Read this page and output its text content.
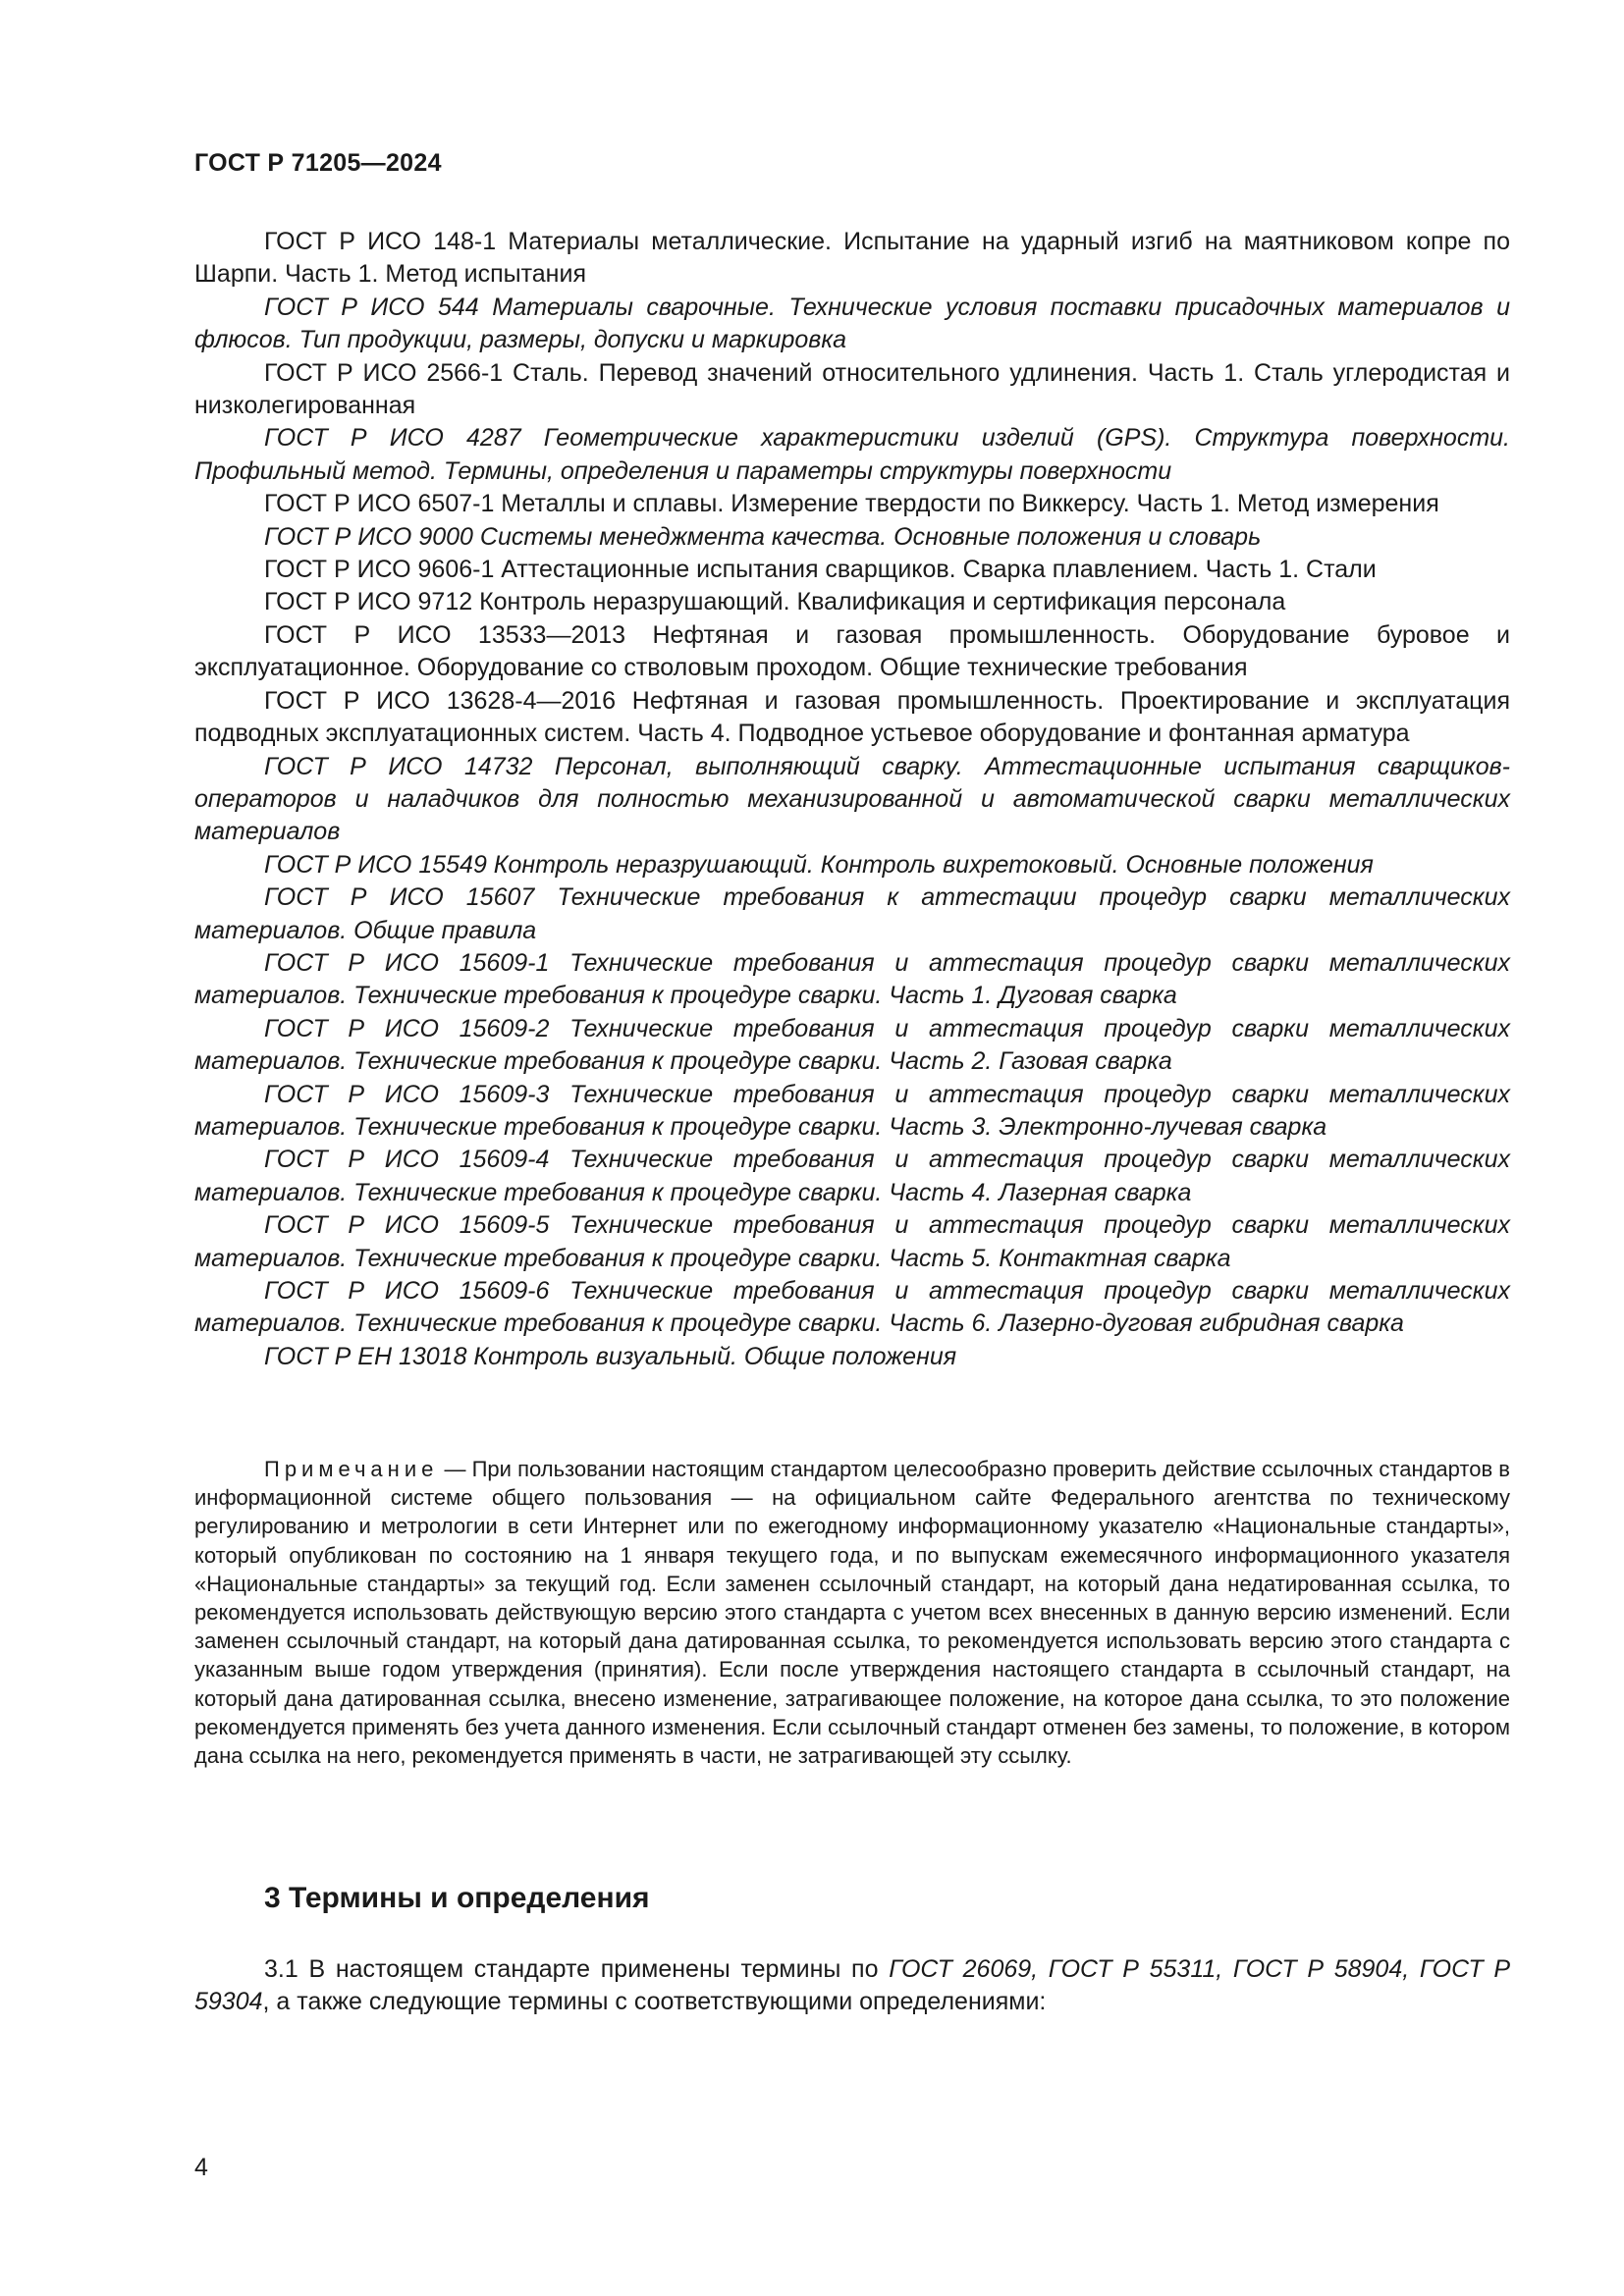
ГОСТ Р 71205—2024

ГОСТ Р ИСО 148-1 Материалы металлические. Испытание на ударный изгиб на маятниковом копре по Шарпи. Часть 1. Метод испытания

ГОСТ Р ИСО 544 Материалы сварочные. Технические условия поставки присадочных материалов и флюсов. Тип продукции, размеры, допуски и маркировка

ГОСТ Р ИСО 2566-1 Сталь. Перевод значений относительного удлинения. Часть 1. Сталь углеродистая и низколегированная

ГОСТ Р ИСО 4287 Геометрические характеристики изделий (GPS). Структура поверхности. Профильный метод. Термины, определения и параметры структуры поверхности

ГОСТ Р ИСО 6507-1 Металлы и сплавы. Измерение твердости по Виккерсу. Часть 1. Метод измерения

ГОСТ Р ИСО 9000 Системы менеджмента качества. Основные положения и словарь

ГОСТ Р ИСО 9606-1 Аттестационные испытания сварщиков. Сварка плавлением. Часть 1. Стали

ГОСТ Р ИСО 9712 Контроль неразрушающий. Квалификация и сертификация персонала

ГОСТ Р ИСО 13533—2013 Нефтяная и газовая промышленность. Оборудование буровое и эксплуатационное. Оборудование со стволовым проходом. Общие технические требования

ГОСТ Р ИСО 13628-4—2016 Нефтяная и газовая промышленность. Проектирование и эксплуатация подводных эксплуатационных систем. Часть 4. Подводное устьевое оборудование и фонтанная арматура

ГОСТ Р ИСО 14732 Персонал, выполняющий сварку. Аттестационные испытания сварщиков-операторов и наладчиков для полностью механизированной и автоматической сварки металлических материалов

ГОСТ Р ИСО 15549 Контроль неразрушающий. Контроль вихретоковый. Основные положения

ГОСТ Р ИСО 15607 Технические требования к аттестации процедур сварки металлических материалов. Общие правила

ГОСТ Р ИСО 15609-1 Технические требования и аттестация процедур сварки металлических материалов. Технические требования к процедуре сварки. Часть 1. Дуговая сварка

ГОСТ Р ИСО 15609-2 Технические требования и аттестация процедур сварки металлических материалов. Технические требования к процедуре сварки. Часть 2. Газовая сварка

ГОСТ Р ИСО 15609-3 Технические требования и аттестация процедур сварки металлических материалов. Технические требования к процедуре сварки. Часть 3. Электронно-лучевая сварка

ГОСТ Р ИСО 15609-4 Технические требования и аттестация процедур сварки металлических материалов. Технические требования к процедуре сварки. Часть 4. Лазерная сварка

ГОСТ Р ИСО 15609-5 Технические требования и аттестация процедур сварки металлических материалов. Технические требования к процедуре сварки. Часть 5. Контактная сварка

ГОСТ Р ИСО 15609-6 Технические требования и аттестация процедур сварки металлических материалов. Технические требования к процедуре сварки. Часть 6. Лазерно-дуговая гибридная сварка

ГОСТ Р ЕН 13018 Контроль визуальный. Общие положения

Примечание — При пользовании настоящим стандартом целесообразно проверить действие ссылочных стандартов в информационной системе общего пользования — на официальном сайте Федерального агентства по техническому регулированию и метрологии в сети Интернет или по ежегодному информационному указателю «Национальные стандарты», который опубликован по состоянию на 1 января текущего года, и по выпускам ежемесячного информационного указателя «Национальные стандарты» за текущий год. Если заменен ссылочный стандарт, на который дана недатированная ссылка, то рекомендуется использовать действующую версию этого стандарта с учетом всех внесенных в данную версию изменений. Если заменен ссылочный стандарт, на который дана датированная ссылка, то рекомендуется использовать версию этого стандарта с указанным выше годом утверждения (принятия). Если после утверждения настоящего стандарта в ссылочный стандарт, на который дана датированная ссылка, внесено изменение, затрагивающее положение, на которое дана ссылка, то это положение рекомендуется применять без учета данного изменения. Если ссылочный стандарт отменен без замены, то положение, в котором дана ссылка на него, рекомендуется применять в части, не затрагивающей эту ссылку.

3 Термины и определения

3.1 В настоящем стандарте применены термины по ГОСТ 26069, ГОСТ Р 55311, ГОСТ Р 58904, ГОСТ Р 59304, а также следующие термины с соответствующими определениями:

4
